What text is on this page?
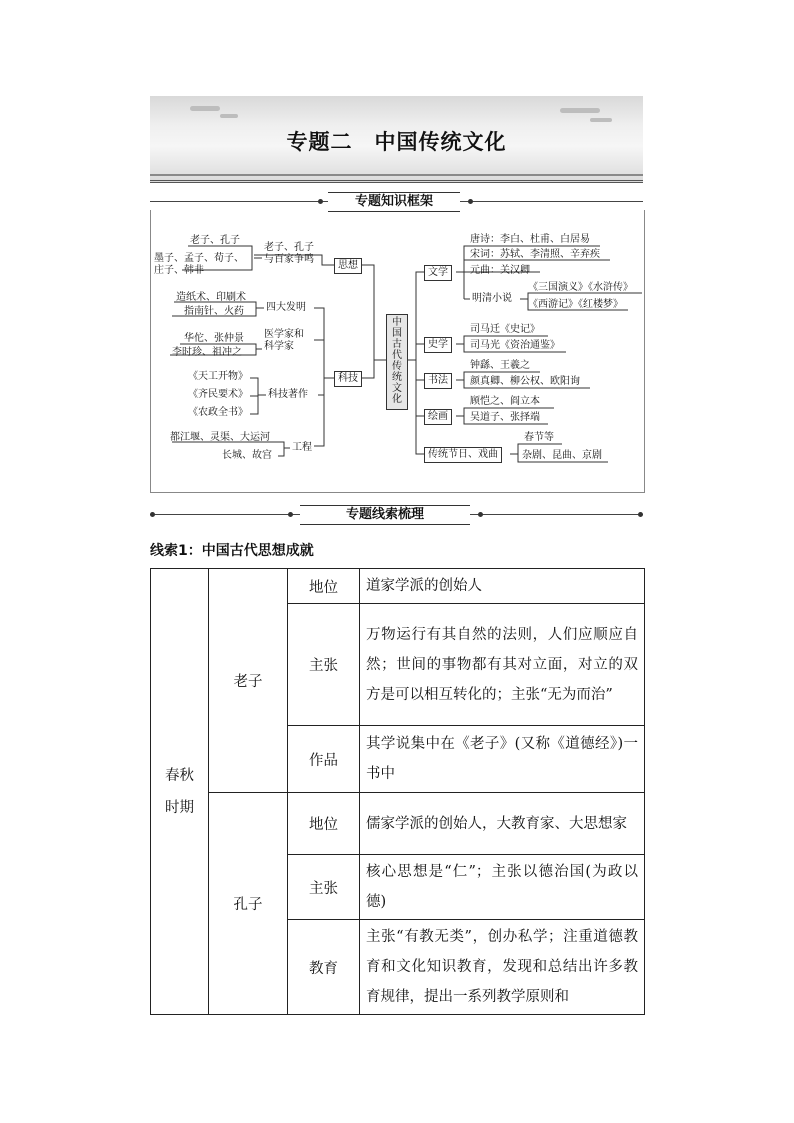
专题二　中国传统文化
专题知识框架
中国古代传统文化
思想
老子、孔子
与百家争鸣
老子、孔子
墨子、孟子、荀子、
庄子、韩非
科技
四大发明
造纸术、印刷术
指南针、火药
医学家和
科学家
华佗、张仲景
李时珍、祖冲之
科技著作
《天工开物》
《齐民要术》
《农政全书》
工程
都江堰、灵渠、大运河
长城、故宫
文学
唐诗：李白、杜甫、白居易
宋词：苏轼、李清照、辛弃疾
元曲：关汉卿
明清小说
《三国演义》《水浒传》
《西游记》《红楼梦》
史学
司马迁《史记》
司马光《资治通鉴》
书法
钟繇、王羲之
颜真卿、柳公权、欧阳询
绘画
顾恺之、阎立本
吴道子、张择端
传统节日、戏曲
春节等
杂剧、昆曲、京剧
专题线索梳理
线索1：中国古代思想成就
春秋
时期	老子	地位	道家学派的创始人
		主张	万物运行有其自然的法则，人们应顺应自然；世间的事物都有其对立面，对立的双方是可以相互转化的；主张“无为而治”
		作品	其学说集中在《老子》(又称《道德经》)一书中
	孔子	地位	儒家学派的创始人，大教育家、大思想家
		主张	核心思想是“仁”；主张以德治国(为政以德)
		教育	主张“有教无类”，创办私学；注重道德教育和文化知识教育，发现和总结出许多教育规律，提出一系列教学原则和
